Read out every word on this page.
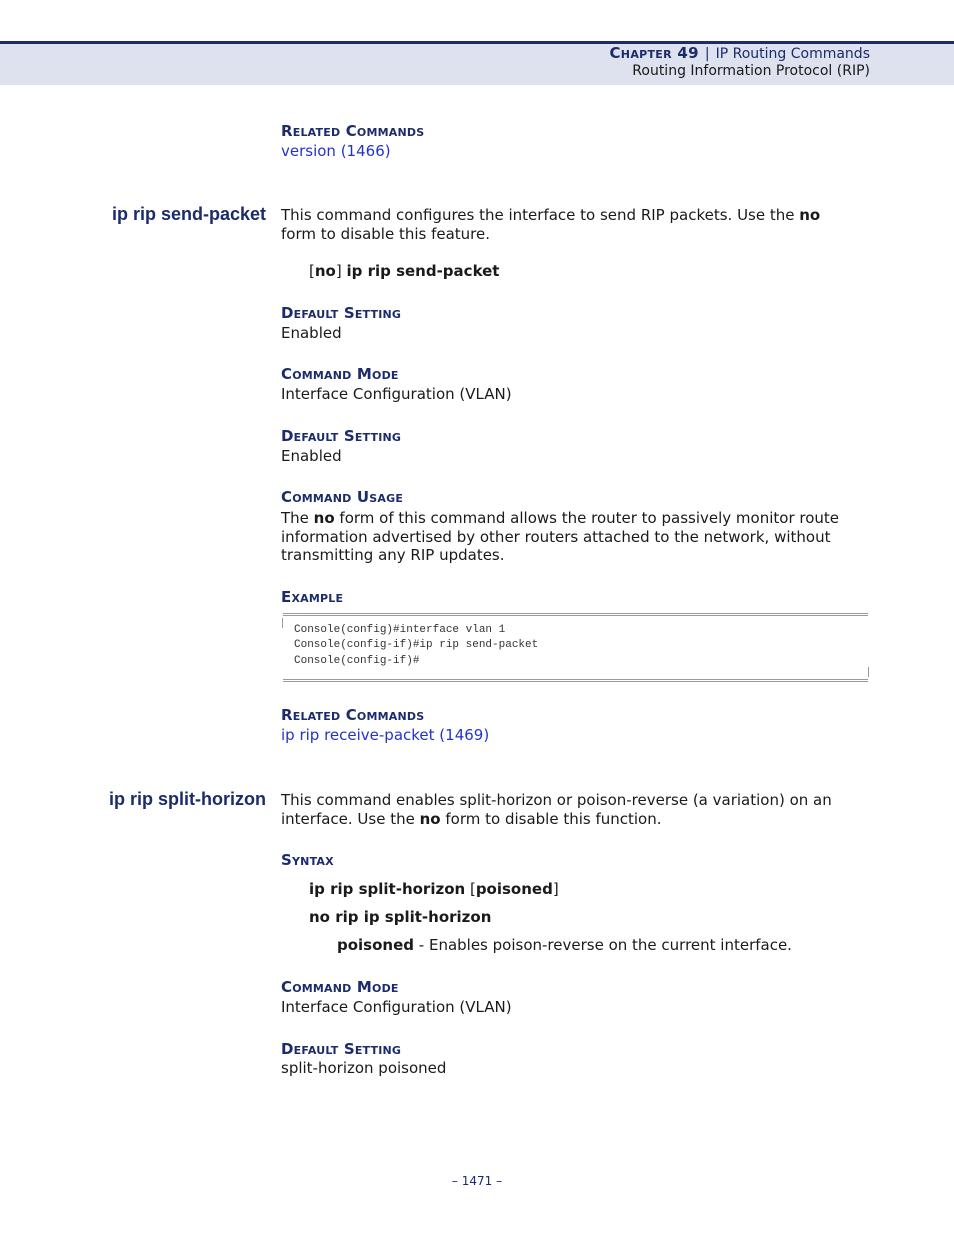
Chapter 49 | IP Routing Commands
Routing Information Protocol (RIP)
Related Commands
version (1466)
ip rip send-packet This command configures the interface to send RIP packets. Use the no
form to disable this feature.
[no] ip rip send-packet
Default Setting
Enabled
Command Mode
Interface Configuration (VLAN)
Default Setting
Enabled
Command Usage
The no form of this command allows the router to passively monitor route
information advertised by other routers attached to the network, without
transmitting any RIP updates.
Example
Console(config)#interface vlan 1
Console(config-if)#ip rip send-packet
Console(config-if)#
Related Commands
ip rip receive-packet (1469)
ip rip split-horizon This command enables split-horizon or poison-reverse (a variation) on an
interface. Use the no form to disable this function.
Syntax
ip rip split-horizon [poisoned]
no rip ip split-horizon
poisoned - Enables poison-reverse on the current interface.
Command Mode
Interface Configuration (VLAN)
Default Setting
split-horizon poisoned
– 1471 –
